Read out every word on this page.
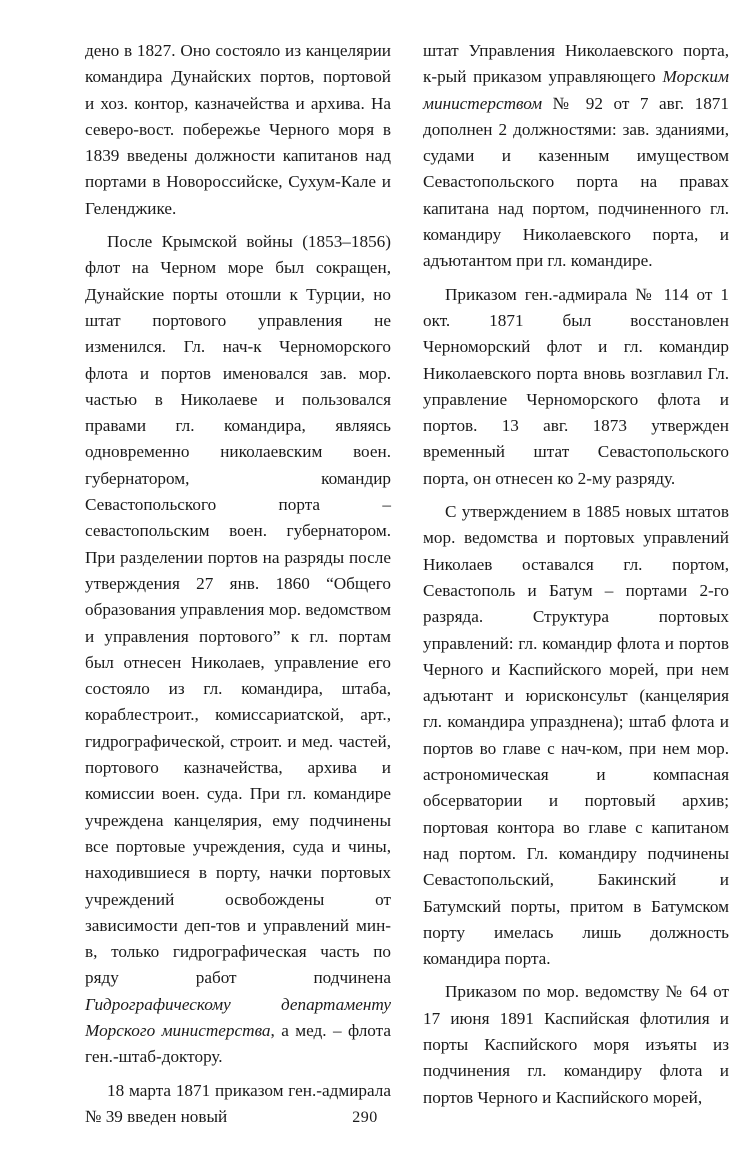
дено в 1827. Оно состояло из канцелярии командира Дунайских портов, портовой и хоз. контор, казначейства и архива. На северо-вост. побережье Черного моря в 1839 введены должности капитанов над портами в Новороссийске, Сухум-Кале и Геленджике.

После Крымской войны (1853–1856) флот на Черном море был сокращен, Дунайские порты отошли к Турции, но штат портового управления не изменился. Гл. нач-к Черноморского флота и портов именовался зав. мор. частью в Николаеве и пользовался правами гл. командира, являясь одновременно николаевским воен. губернатором, командир Севастопольского порта – севастопольским воен. губернатором. При разделении портов на разряды после утверждения 27 янв. 1860 “Общего образования управления мор. ведомством и управления портового” к гл. портам был отнесен Николаев, управление его состояло из гл. командира, штаба, кораблестроит., комиссариатской, арт., гидрографической, строит. и мед. частей, портового казначейства, архива и комиссии воен. суда. При гл. командире учреждена канцелярия, ему подчинены все портовые учреждения, суда и чины, находившиеся в порту, начки портовых учреждений освобождены от зависимости деп-тов и управлений мин-в, только гидрографическая часть по ряду работ подчинена Гидрографическому департаменту Морского министерства, а мед. – флота ген.-штаб-доктору.

18 марта 1871 приказом ген.-адмирала № 39 введен новый

штат Управления Николаевского порта, к-рый приказом управляющего Морским министерством № 92 от 7 авг. 1871 дополнен 2 должностями: зав. зданиями, судами и казенным имуществом Севастопольского порта на правах капитана над портом, подчиненного гл. командиру Николаевского порта, и адъютантом при гл. командире.

Приказом ген.-адмирала № 114 от 1 окт. 1871 был восстановлен Черноморский флот и гл. командир Николаевского порта вновь возглавил Гл. управление Черноморского флота и портов. 13 авг. 1873 утвержден временный штат Севастопольского порта, он отнесен ко 2-му разряду.

С утверждением в 1885 новых штатов мор. ведомства и портовых управлений Николаев оставался гл. портом, Севастополь и Батум – портами 2-го разряда. Структура портовых управлений: гл. командир флота и портов Черного и Каспийского морей, при нем адъютант и юрисконсульт (канцелярия гл. командира упразднена); штаб флота и портов во главе с нач-ком, при нем мор. астрономическая и компасная обсерватории и портовый архив; портовая контора во главе с капитаном над портом. Гл. командиру подчинены Севастопольский, Бакинский и Батумский порты, притом в Батумском порту имелась лишь должность командира порта.

Приказом по мор. ведомству № 64 от 17 июня 1891 Каспийская флотилия и порты Каспийского моря изъяты из подчинения гл. командиру флота и портов Черного и Каспийского морей,

290
